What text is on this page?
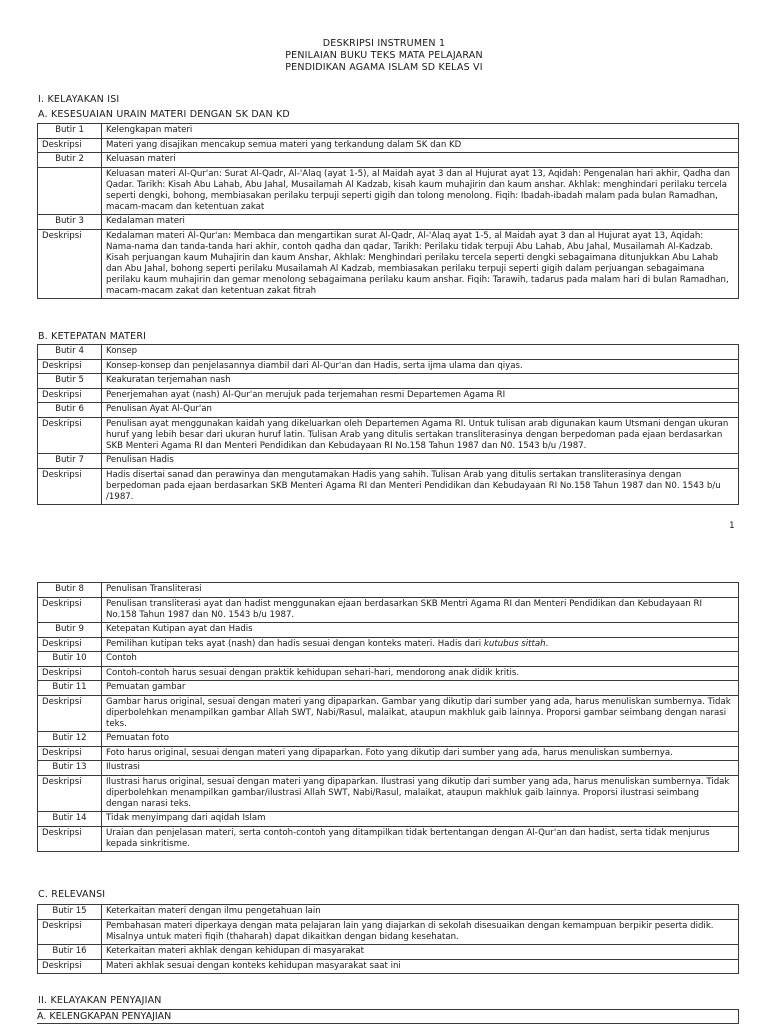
DESKRIPSI INSTRUMEN 1
PENILAIAN BUKU TEKS MATA PELAJARAN
PENDIDIKAN AGAMA ISLAM SD KELAS VI
I. KELAYAKAN ISI
A. KESESUAIAN URAIN MATERI DENGAN SK DAN KD
Butir 1	Kelengkapan materi
Deskripsi	Materi yang disajikan mencakup semua materi yang terkandung dalam SK dan KD
Butir 2	Keluasan materi
	Keluasan materi Al-Qur'an: Surat Al-Qadr, Al-'Alaq (ayat 1-5), al Maidah ayat 3 dan al Hujurat ayat 13, Aqidah: Pengenalan hari akhir, Qadha dan Qadar. Tarikh: Kisah Abu Lahab, Abu Jahal, Musailamah Al Kadzab, kisah kaum muhajirin dan kaum anshar. Akhlak: menghindari perilaku tercela seperti dengki, bohong, membiasakan perilaku terpuji seperti gigih dan tolong menolong. Fiqih: Ibadah-ibadah malam pada bulan Ramadhan, macam-macam dan ketentuan zakat
Butir 3	Kedalaman materi
Deskripsi	Kedalaman materi Al-Qur'an: Membaca dan mengartikan surat Al-Qadr, Al-'Alaq ayat 1-5, al Maidah ayat 3 dan al Hujurat ayat 13, Aqidah: Nama-nama dan tanda-tanda hari akhir, contoh qadha dan qadar, Tarikh: Perilaku tidak terpuji Abu Lahab, Abu Jahal, Musailamah Al-Kadzab. Kisah perjuangan kaum Muhajirin dan kaum Anshar, Akhlak: Menghindari perilaku tercela seperti dengki sebagaimana ditunjukkan Abu Lahab dan Abu Jahal, bohong seperti perilaku Musailamah Al Kadzab, membiasakan perilaku terpuji seperti gigih dalam perjuangan sebagaimana perilaku kaum muhajirin dan gemar menolong sebagaimana perilaku kaum anshar. Fiqih: Tarawih, tadarus pada malam hari di bulan Ramadhan, macam-macam zakat dan ketentuan zakat fitrah
B. KETEPATAN MATERI
Butir 4	Konsep
Deskripsi	Konsep-konsep dan penjelasannya diambil dari Al-Qur'an dan Hadis, serta ijma ulama dan qiyas.
Butir 5	Keakuratan terjemahan nash
Deskripsi	Penerjemahan ayat (nash) Al-Qur'an merujuk pada terjemahan resmi Departemen Agama RI
Butir 6	Penulisan Ayat Al-Qur'an
Deskripsi	Penulisan ayat menggunakan kaidah yang dikeluarkan oleh Departemen Agama RI. Untuk tulisan arab digunakan kaum Utsmani dengan ukuran huruf yang lebih besar dari ukuran huruf latin. Tulisan Arab yang ditulis sertakan transliterasinya dengan berpedoman pada ejaan berdasarkan SKB Menteri Agama RI dan Menteri Pendidikan dan Kebudayaan RI No.158 Tahun 1987 dan N0. 1543 b/u /1987.
Butir 7	Penulisan Hadis
Deskripsi	Hadis disertai sanad dan perawinya dan mengutamakan Hadis yang sahih. Tulisan Arab yang ditulis sertakan transliterasinya dengan berpedoman pada ejaan berdasarkan SKB Menteri Agama RI dan Menteri Pendidikan dan Kebudayaan RI No.158 Tahun 1987 dan N0. 1543 b/u /1987.
1
Butir 8	Penulisan Transliterasi
Deskripsi	Penulisan transliterasi ayat dan hadist menggunakan ejaan berdasarkan SKB Mentri Agama RI dan Menteri Pendidikan dan Kebudayaan RI No.158 Tahun 1987 dan N0. 1543 b/u 1987.
Butir 9	Ketepatan Kutipan ayat dan Hadis
Deskripsi	Pemilihan kutipan teks ayat (nash) dan hadis sesuai dengan konteks materi. Hadis dari kutubus sittah.
Butir 10	Contoh
Deskripsi	Contoh-contoh harus sesuai dengan praktik kehidupan sehari-hari, mendorong anak didik kritis.
Butir 11	Pemuatan gambar
Deskripsi	Gambar harus original, sesuai dengan materi yang dipaparkan. Gambar yang dikutip dari sumber yang ada, harus menuliskan sumbernya. Tidak diperbolehkan menampilkan gambar Allah SWT, Nabi/Rasul, malaikat, ataupun makhluk gaib lainnya. Proporsi gambar seimbang dengan narasi teks.
Butir 12	Pemuatan foto
Deskripsi	Foto harus original, sesuai dengan materi yang dipaparkan. Foto yang dikutip dari sumber yang ada, harus menuliskan sumbernya.
Butir 13	Ilustrasi
Deskripsi	Ilustrasi harus original, sesuai dengan materi yang dipaparkan. Ilustrasi yang dikutip dari sumber yang ada, harus menuliskan sumbernya. Tidak diperbolehkan menampilkan gambar/ilustrasi Allah SWT, Nabi/Rasul, malaikat, ataupun makhluk gaib lainnya. Proporsi ilustrasi seimbang dengan narasi teks.
Butir 14	Tidak menyimpang dari aqidah Islam
Deskripsi	Uraian dan penjelasan materi, serta contoh-contoh yang ditampilkan tidak bertentangan dengan Al-Qur'an dan hadist, serta tidak menjurus kepada sinkritisme.
C. RELEVANSI
Butir 15	Keterkaitan materi dengan ilmu pengetahuan lain
Deskripsi	Pembahasan materi diperkaya dengan mata pelajaran lain yang diajarkan di sekolah disesuaikan dengan kemampuan berpikir peserta didik. Misalnya untuk materi fiqih (thaharah) dapat dikaitkan dengan bidang kesehatan.
Butir 16	Keterkaitan materi akhlak dengan kehidupan di masyarakat
Deskripsi	Materi akhlak sesuai dengan konteks kehidupan masyarakat saat ini
II. KELAYAKAN PENYAJIAN
A. KELENGKAPAN PENYAJIAN
